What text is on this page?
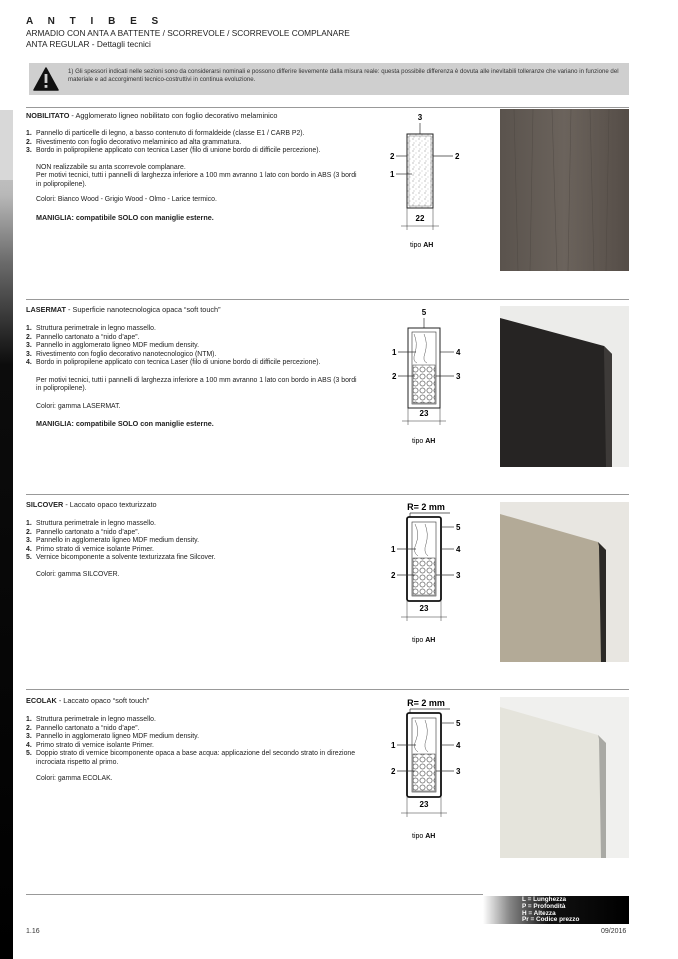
A N T I B E S
ARMADIO CON ANTA A BATTENTE / SCORREVOLE / SCORREVOLE COMPLANARE
ANTA REGULAR - Dettagli tecnici
1) Gli spessori indicati nelle sezioni sono da considerarsi nominali e possono differire lievemente dalla misura reale: questa possibile differenza è dovuta alle inevitabili tolleranze che variano in funzione del materiale e ad accorgimenti tecnico-costruttivi in continua evoluzione.
NOBILITATO - Agglomerato ligneo nobilitato con foglio decorativo melaminico
1. Pannello di particelle di legno, a basso contenuto di formaldeide (classe E1 / CARB P2).
2. Rivestimento con foglio decorativo melaminico ad alta grammatura.
3. Bordo in polipropilene applicato con tecnica Laser (filo di unione bordo di difficile percezione).
NON realizzabile su anta scorrevole complanare.
Per motivi tecnici, tutti i pannelli di larghezza inferiore a 100 mm avranno 1 lato con bordo in ABS (3 bordi in polipropilene).
Colori: Bianco Wood - Grigio Wood - Olmo - Larice termico.
MANIGLIA: compatibile SOLO con maniglie esterne.
3
2	2
1
22
tipo AH
LASERMAT - Superficie nanotecnologica opaca “soft touch”
1. Struttura perimetrale in legno massello.
2. Pannello cartonato a “nido d’ape”.
3. Pannello in agglomerato ligneo MDF medium density.
3. Rivestimento con foglio decorativo nanotecnologico (NTM).
4. Bordo in polipropilene applicato con tecnica Laser (filo di unione bordo di difficile percezione).
Per motivi tecnici, tutti i pannelli di larghezza inferiore a 100 mm avranno 1 lato con bordo in ABS (3 bordi in polipropilene).
Colori: gamma LASERMAT.
MANIGLIA: compatibile SOLO con maniglie esterne.
5
1	4
2	3
23
tipo AH
SILCOVER - Laccato opaco texturizzato
1. Struttura perimetrale in legno massello.
2. Pannello cartonato a “nido d’ape”.
3. Pannello in agglomerato ligneo MDF medium density.
4. Primo strato di vernice isolante Primer.
5. Vernice bicomponente a solvente texturizzata fine Silcover.
Colori: gamma SILCOVER.
R= 2 mm
5
1	4
2	3
23
tipo AH
ECOLAK - Laccato opaco “soft touch”
1. Struttura perimetrale in legno massello.
2. Pannello cartonato a “nido d’ape”.
3. Pannello in agglomerato ligneo MDF medium density.
4. Primo strato di vernice isolante Primer.
5. Doppio strato di vernice bicomponente opaca a base acqua: applicazione del secondo strato in direzione incrociata rispetto al primo.
Colori: gamma ECOLAK.
R= 2 mm
5
1	4
2	3
23
tipo AH
L = Lunghezza
P = Profondità
H = Altezza
Pr = Codice prezzo
1.16	09/2016
